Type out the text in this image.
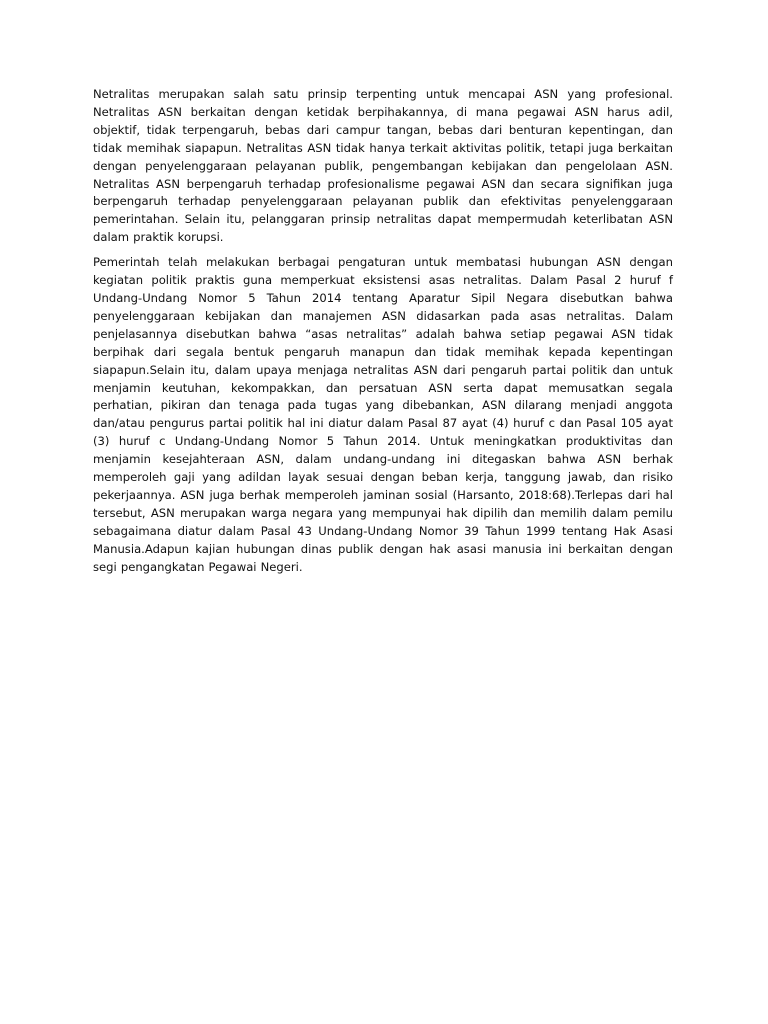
Netralitas merupakan salah satu prinsip terpenting untuk mencapai ASN yang profesional. Netralitas ASN berkaitan dengan ketidak berpihakannya, di mana pegawai ASN harus adil, objektif, tidak terpengaruh, bebas dari campur tangan, bebas dari benturan kepentingan, dan tidak memihak siapapun. Netralitas ASN tidak hanya terkait aktivitas politik, tetapi juga berkaitan dengan penyelenggaraan pelayanan publik, pengembangan kebijakan dan pengelolaan ASN. Netralitas ASN berpengaruh terhadap profesionalisme pegawai ASN dan secara signifikan juga berpengaruh terhadap penyelenggaraan pelayanan publik dan efektivitas penyelenggaraan pemerintahan. Selain itu, pelanggaran prinsip netralitas dapat mempermudah keterlibatan ASN dalam praktik korupsi.

Pemerintah telah melakukan berbagai pengaturan untuk membatasi hubungan ASN dengan kegiatan politik praktis guna memperkuat eksistensi asas netralitas. Dalam Pasal 2 huruf f Undang-Undang Nomor 5 Tahun 2014 tentang Aparatur Sipil Negara disebutkan bahwa penyelenggaraan kebijakan dan manajemen ASN didasarkan pada asas netralitas. Dalam penjelasannya disebutkan bahwa “asas netralitas” adalah bahwa setiap pegawai ASN tidak berpihak dari segala bentuk pengaruh manapun dan tidak memihak kepada kepentingan siapapun.Selain itu, dalam upaya menjaga netralitas ASN dari pengaruh partai politik dan untuk menjamin keutuhan, kekompakkan, dan persatuan ASN serta dapat memusatkan segala perhatian, pikiran dan tenaga pada tugas yang dibebankan, ASN dilarang menjadi anggota dan/atau pengurus partai politik hal ini diatur dalam Pasal 87 ayat (4) huruf c dan Pasal 105 ayat (3) huruf c Undang-Undang Nomor 5 Tahun 2014. Untuk meningkatkan produktivitas dan menjamin kesejahteraan ASN, dalam undang-undang ini ditegaskan bahwa ASN berhak memperoleh gaji yang adildan layak sesuai dengan beban kerja, tanggung jawab, dan risiko pekerjaannya. ASN juga berhak memperoleh jaminan sosial (Harsanto, 2018:68).Terlepas dari hal tersebut, ASN merupakan warga negara yang mempunyai hak dipilih dan memilih dalam pemilu sebagaimana diatur dalam Pasal 43 Undang-Undang Nomor 39 Tahun 1999 tentang Hak Asasi Manusia.Adapun kajian hubungan dinas publik dengan hak asasi manusia ini berkaitan dengan segi pengangkatan Pegawai Negeri.
